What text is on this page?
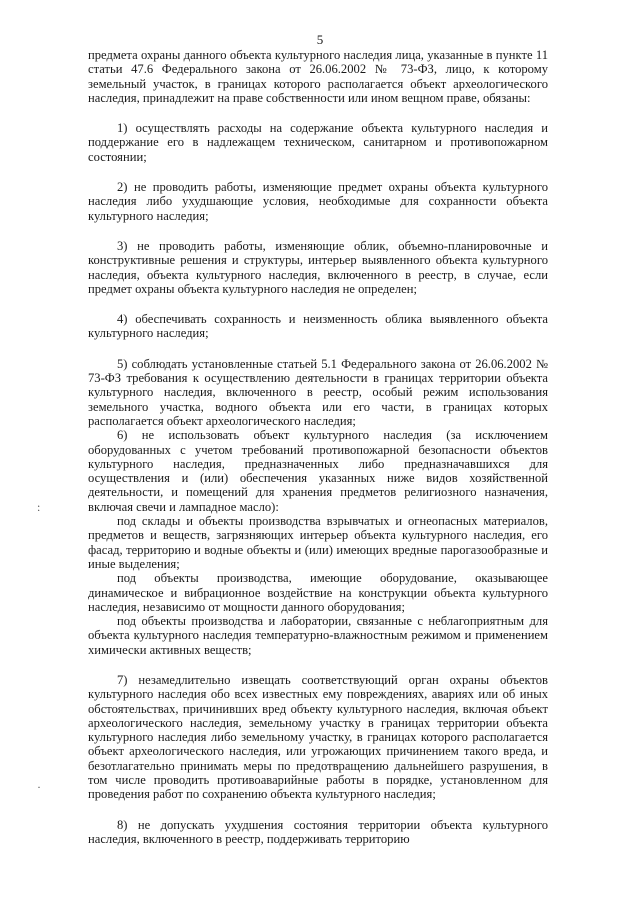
5
:
·

предмета охраны данного объекта культурного наследия лица, указанные в пункте 11 статьи 47.6 Федерального закона от 26.06.2002 № 73-ФЗ, лицо, к которому земельный участок, в границах которого располагается объект археологического наследия, принадлежит на праве собственности или ином вещном праве, обязаны:

1) осуществлять расходы на содержание объекта культурного наследия и поддержание его в надлежащем техническом, санитарном и противопожарном состоянии;

2) не проводить работы, изменяющие предмет охраны объекта культурного наследия либо ухудшающие условия, необходимые для сохранности объекта культурного наследия;

3) не проводить работы, изменяющие облик, объемно-планировочные и конструктивные решения и структуры, интерьер выявленного объекта культурного наследия, объекта культурного наследия, включенного в реестр, в случае, если предмет охраны объекта культурного наследия не определен;

4) обеспечивать сохранность и неизменность облика выявленного объекта культурного наследия;

5) соблюдать установленные статьей 5.1 Федерального закона от 26.06.2002 № 73-ФЗ требования к осуществлению деятельности в границах территории объекта культурного наследия, включенного в реестр, особый режим использования земельного участка, водного объекта или его части, в границах которых располагается объект археологического наследия;

6) не использовать объект культурного наследия (за исключением оборудованных с учетом требований противопожарной безопасности объектов культурного наследия, предназначенных либо предназначавшихся для осуществления и (или) обеспечения указанных ниже видов хозяйственной деятельности, и помещений для хранения предметов религиозного назначения, включая свечи и лампадное масло):

под склады и объекты производства взрывчатых и огнеопасных материалов, предметов и веществ, загрязняющих интерьер объекта культурного наследия, его фасад, территорию и водные объекты и (или) имеющих вредные парогазообразные и иные выделения;

под объекты производства, имеющие оборудование, оказывающее динамическое и вибрационное воздействие на конструкции объекта культурного наследия, независимо от мощности данного оборудования;

под объекты производства и лаборатории, связанные с неблагоприятным для объекта культурного наследия температурно-влажностным режимом и применением химически активных веществ;

7) незамедлительно извещать соответствующий орган охраны объектов культурного наследия обо всех известных ему повреждениях, авариях или об иных обстоятельствах, причинивших вред объекту культурного наследия, включая объект археологического наследия, земельному участку в границах территории объекта культурного наследия либо земельному участку, в границах которого располагается объект археологического наследия, или угрожающих причинением такого вреда, и безотлагательно принимать меры по предотвращению дальнейшего разрушения, в том числе проводить противоаварийные работы в порядке, установленном для проведения работ по сохранению объекта культурного наследия;

8) не допускать ухудшения состояния территории объекта культурного наследия, включенного в реестр, поддерживать территорию
